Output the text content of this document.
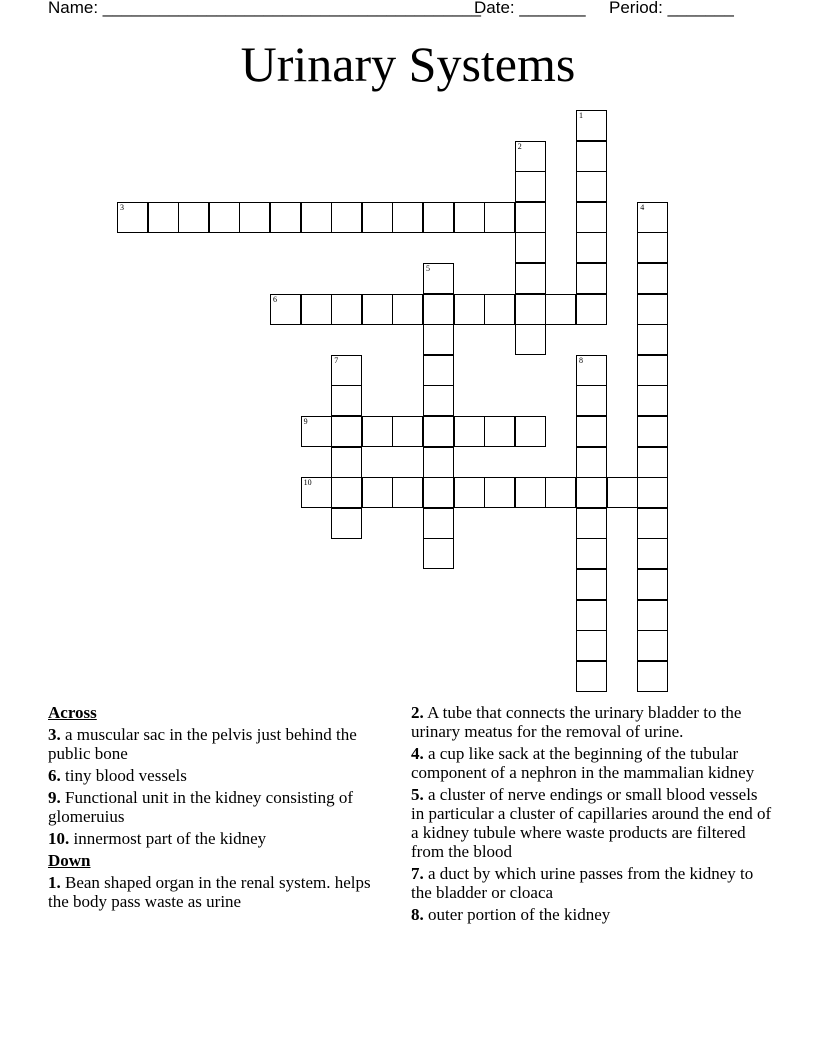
Name: ________________________________________
Date: _______ Period: _______
Urinary Systems
1
2
3	4
5
6
7	8
9
10
Across
3. a muscular sac in the pelvis just behind the public bone
6. tiny blood vessels
9. Functional unit in the kidney consisting of glomeruius
10. innermost part of the kidney
Down
1. Bean shaped organ in the renal system. helps the body pass waste as urine
2. A tube that connects the urinary bladder to the urinary meatus for the removal of urine.
4. a cup like sack at the beginning of the tubular component of a nephron in the mammalian kidney
5. a cluster of nerve endings or small blood vessels in particular a cluster of capillaries around the end of a kidney tubule where waste products are filtered from the blood
7. a duct by which urine passes from the kidney to the bladder or cloaca
8. outer portion of the kidney
